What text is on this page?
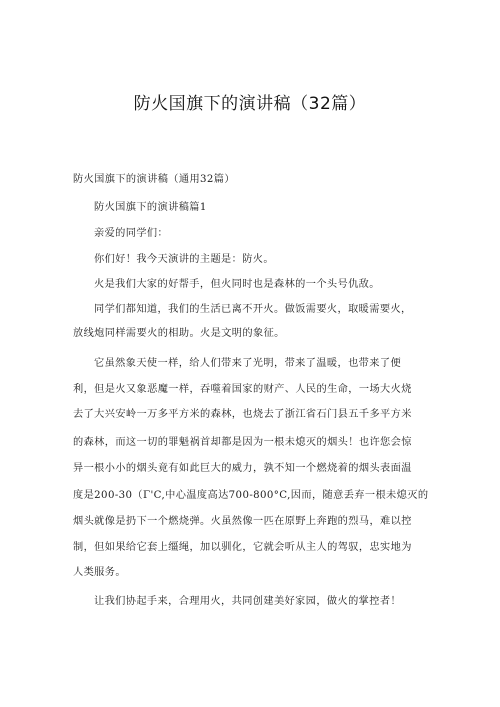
防火国旗下的演讲稿（32篇）
防火国旗下的演讲稿（通用32篇）
防火国旗下的演讲稿篇1
亲爱的同学们：
你们好！我今天演讲的主题是：防火。
火是我们大家的好帮手，但火同时也是森林的一个头号仇敌。
同学们都知道，我们的生活已离不开火。做饭需要火，取暖需要火，
放线炮同样需要火的相助。火是文明的象征。
它虽然象天使一样，给人们带来了光明，带来了温暖，也带来了便
利，但是火又象恶魔一样，吞噬着国家的财产、人民的生命，一场大火烧
去了大兴安岭一万多平方米的森林，也烧去了浙江省石门县五千多平方米
的森林，而这一切的罪魁祸首却都是因为一根未熄灭的烟头！也许您会惊
异一根小小的烟头竟有如此巨大的威力，孰不知一个燃烧着的烟头表面温
度是200-30（Γ'C,中心温度高达700-800°C,因而，随意丢弃一根未熄灭的
烟头就像是扔下一个燃烧弹。火虽然像一匹在原野上奔跑的烈马，难以控
制，但如果给它套上缰绳，加以驯化，它就会听从主人的驾驭，忠实地为
人类服务。
让我们协起手来，合理用火，共同创建美好家园，做火的掌控者！
